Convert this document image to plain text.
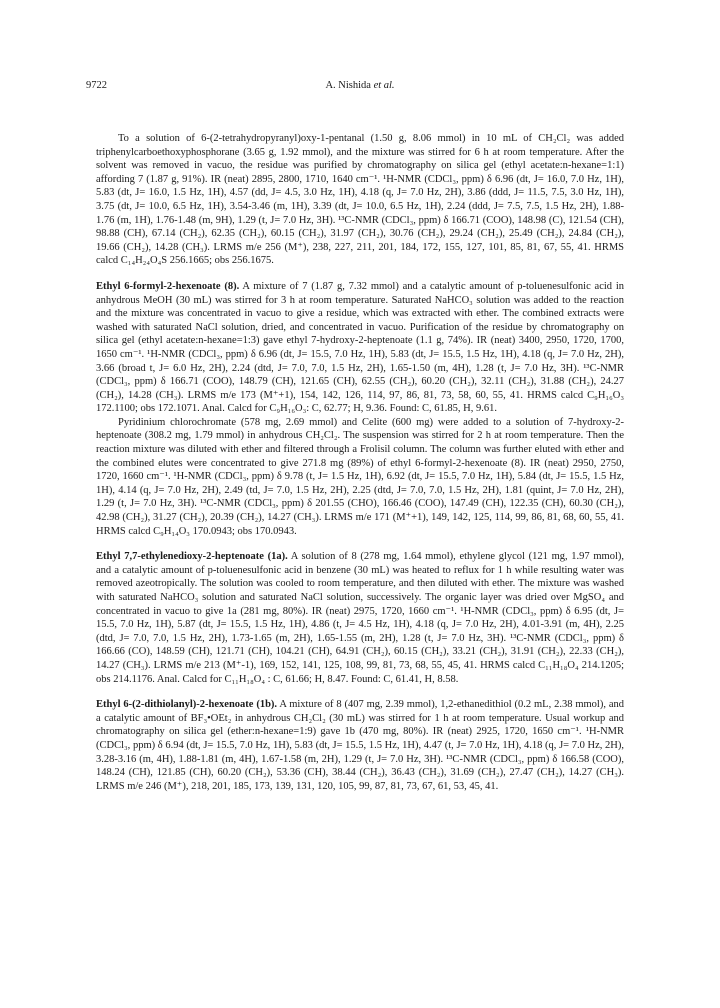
9722	A. Nishida et al.

To a solution of 6-(2-tetrahydropyranyl)oxy-1-pentanal (1.50 g, 8.06 mmol) in 10 mL of CH₂Cl₂ was added triphenylcarboethoxyphosphorane (3.65 g, 1.92 mmol), and the mixture was stirred for 6 h at room temperature. After the solvent was removed in vacuo, the residue was purified by chromatography on silica gel (ethyl acetate:n-hexane=1:1) affording 7 (1.87 g, 91%). IR (neat) 2895, 2800, 1710, 1640 cm⁻¹. ¹H-NMR (CDCl₃, ppm) δ 6.96 (dt, J= 16.0, 7.0 Hz, 1H), 5.83 (dt, J= 16.0, 1.5 Hz, 1H), 4.57 (dd, J= 4.5, 3.0 Hz, 1H), 4.18 (q, J= 7.0 Hz, 2H), 3.86 (ddd, J= 11.5, 7.5, 3.0 Hz, 1H), 3.75 (dt, J= 10.0, 6.5 Hz, 1H), 3.54-3.46 (m, 1H), 3.39 (dt, J= 10.0, 6.5 Hz, 1H), 2.24 (ddd, J= 7.5, 7.5, 1.5 Hz, 2H), 1.88-1.76 (m, 1H), 1.76-1.48 (m, 9H), 1.29 (t, J= 7.0 Hz, 3H). ¹³C-NMR (CDCl₃, ppm) δ 166.71 (COO), 148.98 (C), 121.54 (CH), 98.88 (CH), 67.14 (CH₂), 62.35 (CH₂), 60.15 (CH₂), 31.97 (CH₂), 30.76 (CH₂), 29.24 (CH₂), 25.49 (CH₂), 24.84 (CH₂), 19.66 (CH₂), 14.28 (CH₃). LRMS m/e 256 (M⁺), 238, 227, 211, 201, 184, 172, 155, 127, 101, 85, 81, 67, 55, 41. HRMS calcd C₁₄H₂₄O₄S 256.1665; obs 256.1675.

Ethyl 6-formyl-2-hexenoate (8). A mixture of 7 (1.87 g, 7.32 mmol) and a catalytic amount of p-toluenesulfonic acid in anhydrous MeOH (30 mL) was stirred for 3 h at room temperature. Saturated NaHCO₃ solution was added to the reaction and the mixture was concentrated in vacuo to give a residue, which was extracted with ether. The combined extracts were washed with saturated NaCl solution, dried, and concentrated in vacuo. Purification of the residue by chromatography on silica gel (ethyl acetate:n-hexane=1:3) gave ethyl 7-hydroxy-2-heptenoate (1.1 g, 74%). IR (neat) 3400, 2950, 1720, 1700, 1650 cm⁻¹. ¹H-NMR (CDCl₃, ppm) δ 6.96 (dt, J= 15.5, 7.0 Hz, 1H), 5.83 (dt, J= 15.5, 1.5 Hz, 1H), 4.18 (q, J= 7.0 Hz, 2H), 3.66 (broad t, J= 6.0 Hz, 2H), 2.24 (dtd, J= 7.0, 7.0, 1.5 Hz, 2H), 1.65-1.50 (m, 4H), 1.28 (t, J= 7.0 Hz, 3H). ¹³C-NMR (CDCl₃, ppm) δ 166.71 (COO), 148.79 (CH), 121.65 (CH), 62.55 (CH₂), 60.20 (CH₂), 32.11 (CH₂), 31.88 (CH₂), 24.27 (CH₂), 14.28 (CH₃). LRMS m/e 173 (M⁺+1), 154, 142, 126, 114, 97, 86, 81, 73, 58, 60, 55, 41. HRMS calcd C₉H₁₆O₃ 172.1100; obs 172.1071. Anal. Calcd for C₉H₁₆O₃: C, 62.77; H, 9.36. Found: C, 61.85, H, 9.61.

Pyridinium chlorochromate (578 mg, 2.69 mmol) and Celite (600 mg) were added to a solution of 7-hydroxy-2-heptenoate (308.2 mg, 1.79 mmol) in anhydrous CH₂Cl₂. The suspension was stirred for 2 h at room temperature. Then the reaction mixture was diluted with ether and filtered through a Frolisil column. The column was further eluted with ether and the combined elutes were concentrated to give 271.8 mg (89%) of ethyl 6-formyl-2-hexenoate (8). IR (neat) 2950, 2750, 1720, 1660 cm⁻¹. ¹H-NMR (CDCl₃, ppm) δ 9.78 (t, J= 1.5 Hz, 1H), 6.92 (dt, J= 15.5, 7.0 Hz, 1H), 5.84 (dt, J= 15.5, 1.5 Hz, 1H), 4.14 (q, J= 7.0 Hz, 2H), 2.49 (td, J= 7.0, 1.5 Hz, 2H), 2.25 (dtd, J= 7.0, 7.0, 1.5 Hz, 2H), 1.81 (quint, J= 7.0 Hz, 2H), 1.29 (t, J= 7.0 Hz, 3H). ¹³C-NMR (CDCl₃, ppm) δ 201.55 (CHO), 166.46 (COO), 147.49 (CH), 122.35 (CH), 60.30 (CH₂), 42.98 (CH₂), 31.27 (CH₂), 20.39 (CH₂), 14.27 (CH₃). LRMS m/e 171 (M⁺+1), 149, 142, 125, 114, 99, 86, 81, 68, 60, 55, 41. HRMS calcd C₉H₁₄O₃ 170.0943; obs 170.0943.

Ethyl 7,7-ethylenedioxy-2-heptenoate (1a). A solution of 8 (278 mg, 1.64 mmol), ethylene glycol (121 mg, 1.97 mmol), and a catalytic amount of p-toluenesulfonic acid in benzene (30 mL) was heated to reflux for 1 h while resulting water was removed azeotropically. The solution was cooled to room temperature, and then diluted with ether. The mixture was washed with saturated NaHCO₃ solution and saturated NaCl solution, successively. The organic layer was dried over MgSO₄ and concentrated in vacuo to give 1a (281 mg, 80%). IR (neat) 2975, 1720, 1660 cm⁻¹. ¹H-NMR (CDCl₃, ppm) δ 6.95 (dt, J= 15.5, 7.0 Hz, 1H), 5.87 (dt, J= 15.5, 1.5 Hz, 1H), 4.86 (t, J= 4.5 Hz, 1H), 4.18 (q, J= 7.0 Hz, 2H), 4.01-3.91 (m, 4H), 2.25 (dtd, J= 7.0, 7.0, 1.5 Hz, 2H), 1.73-1.65 (m, 2H), 1.65-1.55 (m, 2H), 1.28 (t, J= 7.0 Hz, 3H). ¹³C-NMR (CDCl₃, ppm) δ 166.66 (CO), 148.59 (CH), 121.71 (CH), 104.21 (CH), 64.91 (CH₂), 60.15 (CH₂), 33.21 (CH₂), 31.91 (CH₂), 22.33 (CH₂), 14.27 (CH₃). LRMS m/e 213 (M⁺-1), 169, 152, 141, 125, 108, 99, 81, 73, 68, 55, 45, 41. HRMS calcd C₁₁H₁₈O₄ 214.1205; obs 214.1176. Anal. Calcd for C₁₁H₁₈O₄ : C, 61.66; H, 8.47. Found: C, 61.41, H, 8.58.

Ethyl 6-(2-dithiolanyl)-2-hexenoate (1b). A mixture of 8 (407 mg, 2.39 mmol), 1,2-ethanedithiol (0.2 mL, 2.38 mmol), and a catalytic amount of BF₃•OEt₂ in anhydrous CH₂Cl₂ (30 mL) was stirred for 1 h at room temperature. Usual workup and chromatography on silica gel (ether:n-hexane=1:9) gave 1b (470 mg, 80%). IR (neat) 2925, 1720, 1650 cm⁻¹. ¹H-NMR (CDCl₃, ppm) δ 6.94 (dt, J= 15.5, 7.0 Hz, 1H), 5.83 (dt, J= 15.5, 1.5 Hz, 1H), 4.47 (t, J= 7.0 Hz, 1H), 4.18 (q, J= 7.0 Hz, 2H), 3.28-3.16 (m, 4H), 1.88-1.81 (m, 4H), 1.67-1.58 (m, 2H), 1.29 (t, J= 7.0 Hz, 3H). ¹³C-NMR (CDCl₃, ppm) δ 166.58 (COO), 148.24 (CH), 121.85 (CH), 60.20 (CH₂), 53.36 (CH), 38.44 (CH₂), 36.43 (CH₂), 31.69 (CH₂), 27.47 (CH₂), 14.27 (CH₃). LRMS m/e 246 (M⁺), 218, 201, 185, 173, 139, 131, 120, 105, 99, 87, 81, 73, 67, 61, 53, 45, 41.
